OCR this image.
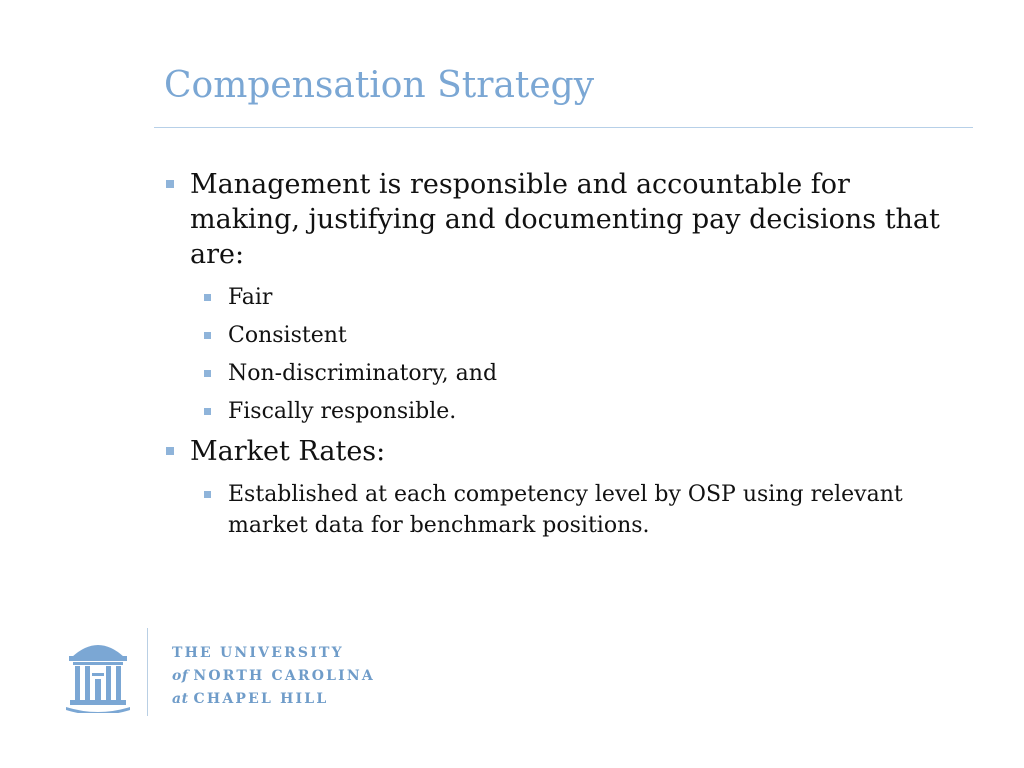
Compensation Strategy
Management is responsible and accountable for making, justifying and documenting pay decisions that are:
Fair
Consistent
Non-discriminatory, and
Fiscally responsible.
Market Rates:
Established at each competency level by OSP using relevant market data for benchmark positions.
THE UNIVERSITY
of NORTH CAROLINA
at CHAPEL HILL
